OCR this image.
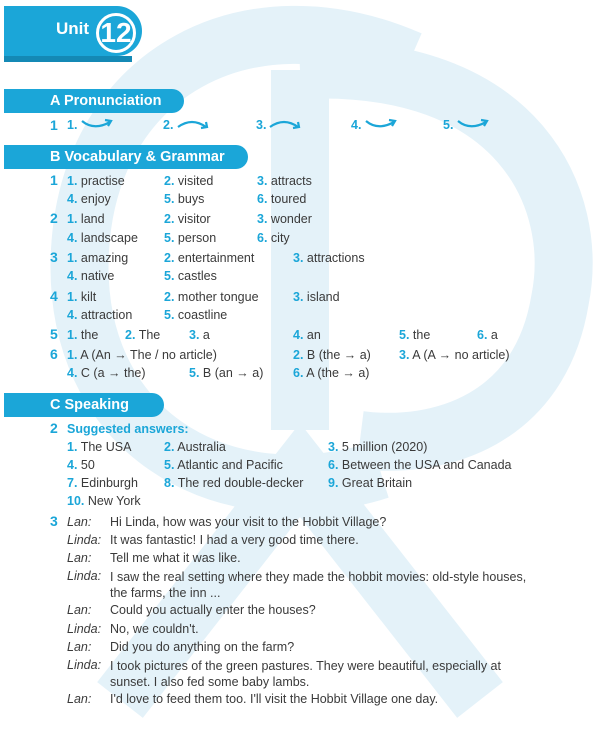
Unit 12
A Pronunciation
1 1.	2.	3.	4.	5.
B Vocabulary & Grammar
1 1. practise	2. visited	3. attracts
4. enjoy	5. buys	6. toured
2 1. land	2. visitor	3. wonder
4. landscape 5. person	6. city
3 1. amazing	2. entertainment	3. attractions
4. native	5. castles
4 1. kilt	2. mother tongue	3. island
4. attraction	5. coastline
5 1. the 2. The 3. a	4. an	5. the	6. a
6 1. A (An → The / no article)	2. B (the → a) 3. A (A → no article)
4. C (a → the)	5. B (an → a) 6. A (the → a)
C Speaking
2 Suggested answers:
1. The USA	2. Australia	3. 5 million (2020)
4. 50	5. Atlantic and Pacific	6. Between the USA and Canada
7. Edinburgh 8. The red double-decker 9. Great Britain
10. New York
3 Lan: Hi Linda, how was your visit to the Hobbit Village?
Linda: It was fantastic! I had a very good time there.
Lan: Tell me what it was like.
Linda: I saw the real setting where they made the hobbit movies: old-style houses, the farms, the inn ...
Lan: Could you actually enter the houses?
Linda: No, we couldn't.
Lan: Did you do anything on the farm?
Linda: I took pictures of the green pastures. They were beautiful, especially at sunset. I also fed some baby lambs.
Lan: I'd love to feed them too. I'll visit the Hobbit Village one day.
